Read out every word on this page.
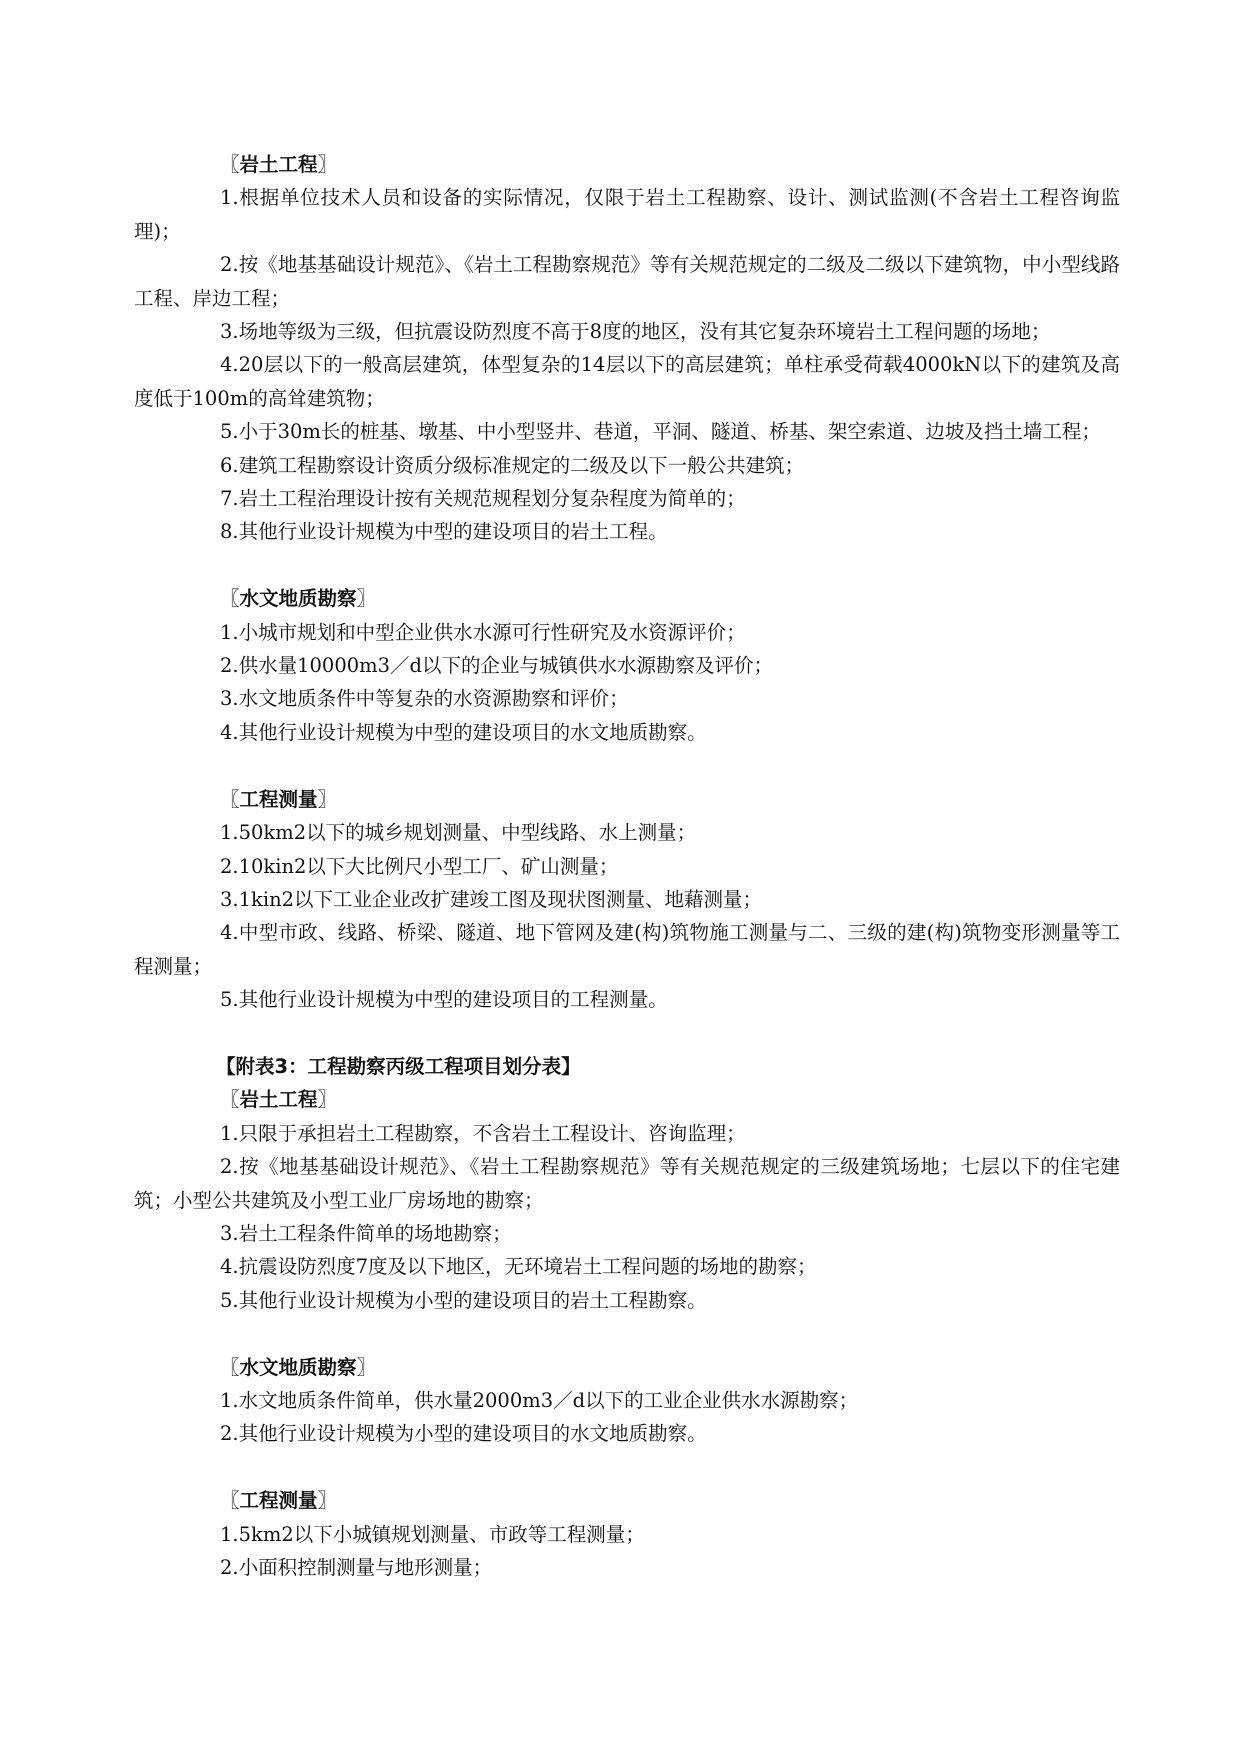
〖岩土工程〗
1.根据单位技术人员和设备的实际情况，仅限于岩土工程勘察、设计、测试监测(不含岩土工程咨询监理)；
2.按《地基基础设计规范》、《岩土工程勘察规范》等有关规范规定的二级及二级以下建筑物，中小型线路工程、岸边工程；
3.场地等级为三级，但抗震设防烈度不高于8度的地区，没有其它复杂环境岩土工程问题的场地；
4.20层以下的一般高层建筑，体型复杂的14层以下的高层建筑；单柱承受荷载4000kN以下的建筑及高度低于100m的高耸建筑物；
5.小于30m长的桩基、墩基、中小型竖井、巷道，平洞、隧道、桥基、架空索道、边坡及挡土墙工程；
6.建筑工程勘察设计资质分级标准规定的二级及以下一般公共建筑；
7.岩土工程治理设计按有关规范规程划分复杂程度为简单的；
8.其他行业设计规模为中型的建设项目的岩土工程。
〖水文地质勘察〗
1.小城市规划和中型企业供水水源可行性研究及水资源评价；
2.供水量10000m3／d以下的企业与城镇供水水源勘察及评价；
3.水文地质条件中等复杂的水资源勘察和评价；
4.其他行业设计规模为中型的建设项目的水文地质勘察。
〖工程测量〗
1.50km2以下的城乡规划测量、中型线路、水上测量；
2.10kin2以下大比例尺小型工厂、矿山测量；
3.1kin2以下工业企业改扩建竣工图及现状图测量、地藉测量；
4.中型市政、线路、桥梁、隧道、地下管网及建(构)筑物施工测量与二、三级的建(构)筑物变形测量等工程测量；
5.其他行业设计规模为中型的建设项目的工程测量。
【附表3：工程勘察丙级工程项目划分表】
〖岩土工程〗
1.只限于承担岩土工程勘察，不含岩土工程设计、咨询监理；
2.按《地基基础设计规范》、《岩土工程勘察规范》等有关规范规定的三级建筑场地；七层以下的住宅建筑；小型公共建筑及小型工业厂房场地的勘察；
3.岩土工程条件简单的场地勘察；
4.抗震设防烈度7度及以下地区，无环境岩土工程问题的场地的勘察；
5.其他行业设计规模为小型的建设项目的岩土工程勘察。
〖水文地质勘察〗
1.水文地质条件简单，供水量2000m3／d以下的工业企业供水水源勘察；
2.其他行业设计规模为小型的建设项目的水文地质勘察。
〖工程测量〗
1.5km2以下小城镇规划测量、市政等工程测量；
2.小面积控制测量与地形测量；
